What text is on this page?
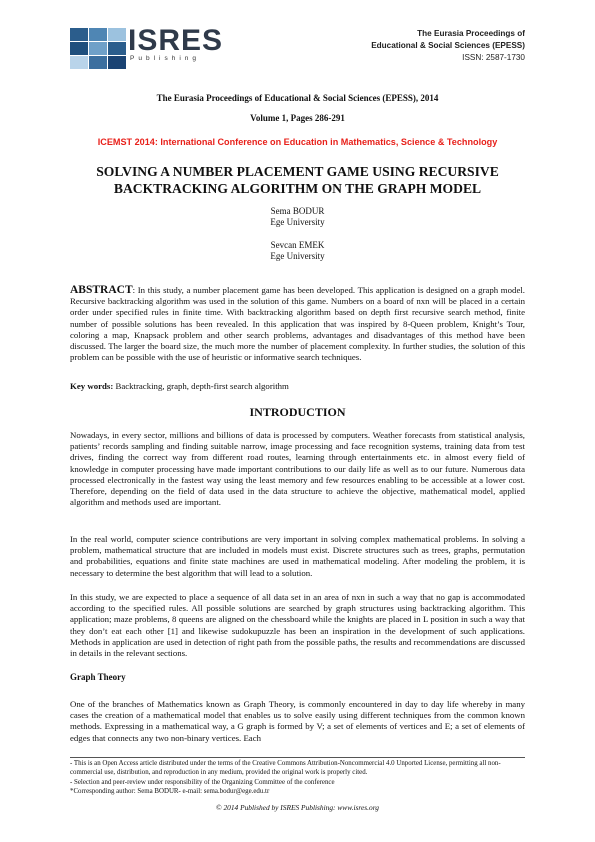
ISRES
Publishing
The Eurasia Proceedings of
Educational & Social Sciences (EPESS)
ISSN: 2587-1730
The Eurasia Proceedings of Educational & Social Sciences (EPESS), 2014
Volume 1, Pages 286-291
ICEMST 2014: International Conference on Education in Mathematics, Science & Technology
SOLVING A NUMBER PLACEMENT GAME USING RECURSIVE BACKTRACKING ALGORITHM ON THE GRAPH MODEL
Sema BODUR
Ege University
Sevcan EMEK
Ege University
ABSTRACT: In this study, a number placement game has been developed. This application is designed on a graph model. Recursive backtracking algorithm was used in the solution of this game. Numbers on a board of nxn will be placed in a certain order under specified rules in finite time. With backtracking algorithm based on depth first recursive search method, finite number of possible solutions has been revealed. In this application that was inspired by 8-Queen problem, Knight’s Tour, coloring a map, Knapsack problem and other search problems, advantages and disadvantages of this method have been discussed. The larger the board size, the much more the number of placement complexity. In further studies, the solution of this problem can be possible with the use of heuristic or informative search techniques.
Key words: Backtracking, graph, depth-first search algorithm
INTRODUCTION

Nowadays, in every sector, millions and billions of data is processed by computers. Weather forecasts from statistical analysis, patients’ records sampling and finding suitable narrow, image processing and face recognition systems, training data from test drives, finding the correct way from different road routes, learning through entertainments etc. in almost every field of knowledge in computer processing have made important contributions to our daily life as well as to our future. Numerous data processed electronically in the fastest way using the least memory and few resources enabling to be accessible at a lower cost. Therefore, depending on the field of data used in the data structure to achieve the objective, mathematical model, applied algorithm and methods used are important.

In the real world, computer science contributions are very important in solving complex mathematical problems. In solving a problem, mathematical structure that are included in models must exist. Discrete structures such as trees, graphs, permutation and probabilities, equations and finite state machines are used in mathematical modeling. After modeling the problem, it is necessary to determine the best algorithm that will lead to a solution.

In this study, we are expected to place a sequence of all data set in an area of nxn in such a way that no gap is accommodated according to the specified rules. All possible solutions are searched by graph structures using backtracking algorithm. This application; maze problems, 8 queens are aligned on the chessboard while the knights are placed in L position in such a way that they don’t eat each other [1] and likewise sudokupuzzle has been an inspiration in the development of such applications. Methods in application are used in detection of right path from the possible paths, the results and recommendations are discussed in details in the relevant sections.

Graph Theory

One of the branches of Mathematics known as Graph Theory, is commonly encountered in day to day life whereby in many cases the creation of a mathematical model that enables us to solve easily using different techniques from the common known methods. Expressing in a mathematical way, a G graph is formed by V; a set of elements of vertices and E; a set of elements of edges that connects any two non-binary vertices. Each

- This is an Open Access article distributed under the terms of the Creative Commons Attribution-Noncommercial 4.0 Unported License, permitting all non-commercial use, distribution, and reproduction in any medium, provided the original work is properly cited.
- Selection and peer-review under responsibility of the Organizing Committee of the conference
*Corresponding author: Sema BODUR- e-mail: sema.bodur@ege.edu.tr
© 2014 Published by ISRES Publishing: www.isres.org
